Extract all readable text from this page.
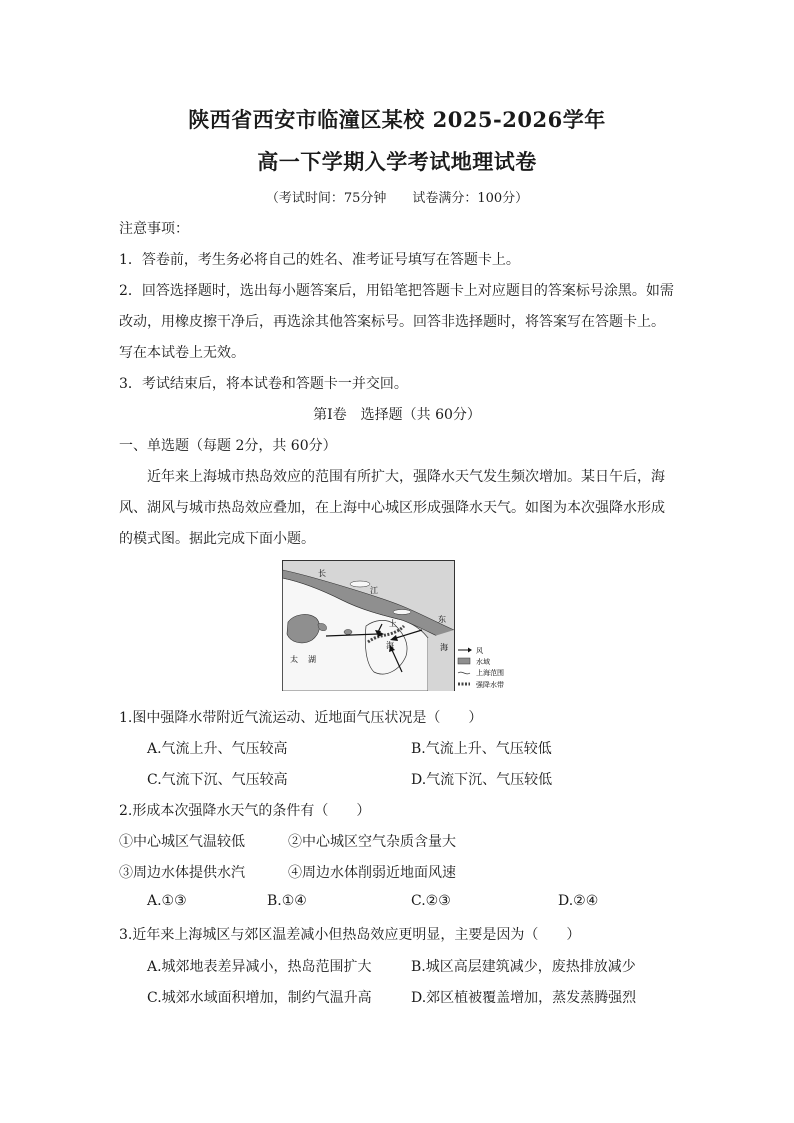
陕西省西安市临潼区某校 2025-2026学年
高一下学期入学考试地理试卷
（考试时间：75分钟　　试卷满分：100分）
注意事项：
1．答卷前，考生务必将自己的姓名、准考证号填写在答题卡上。
2．回答选择题时，选出每小题答案后，用铅笔把答题卡上对应题目的答案标号涂黑。如需
改动，用橡皮擦干净后，再选涂其他答案标号。回答非选择题时，将答案写在答题卡上。
写在本试卷上无效。
3．考试结束后，将本试卷和答题卡一并交回。
第Ⅰ卷　选择题（共 60分）
一、单选题（每题 2分，共 60分）
近年来上海城市热岛效应的范围有所扩大，强降水天气发生频次增加。某日午后，海
风、湖风与城市热岛效应叠加，在上海中心城区形成强降水天气。如图为本次强降水形成
的模式图。据此完成下面小题。
长
江
东
海
上
海
太 湖
风
水域
上海范围
强降水带
1.图中强降水带附近气流运动、近地面气压状况是（　　）
A.气流上升、气压较高	B.气流上升、气压较低
C.气流下沉、气压较高	D.气流下沉、气压较低
2.形成本次强降水天气的条件有（　　）
①中心城区气温较低	②中心城区空气杂质含量大
③周边水体提供水汽	④周边水体削弱近地面风速
A.①③	B.①④	C.②③	D.②④
3.近年来上海城区与郊区温差减小但热岛效应更明显，主要是因为（　　）
A.城郊地表差异减小，热岛范围扩大	B.城区高层建筑减少，废热排放减少
C.城郊水域面积增加，制约气温升高	D.郊区植被覆盖增加，蒸发蒸腾强烈
